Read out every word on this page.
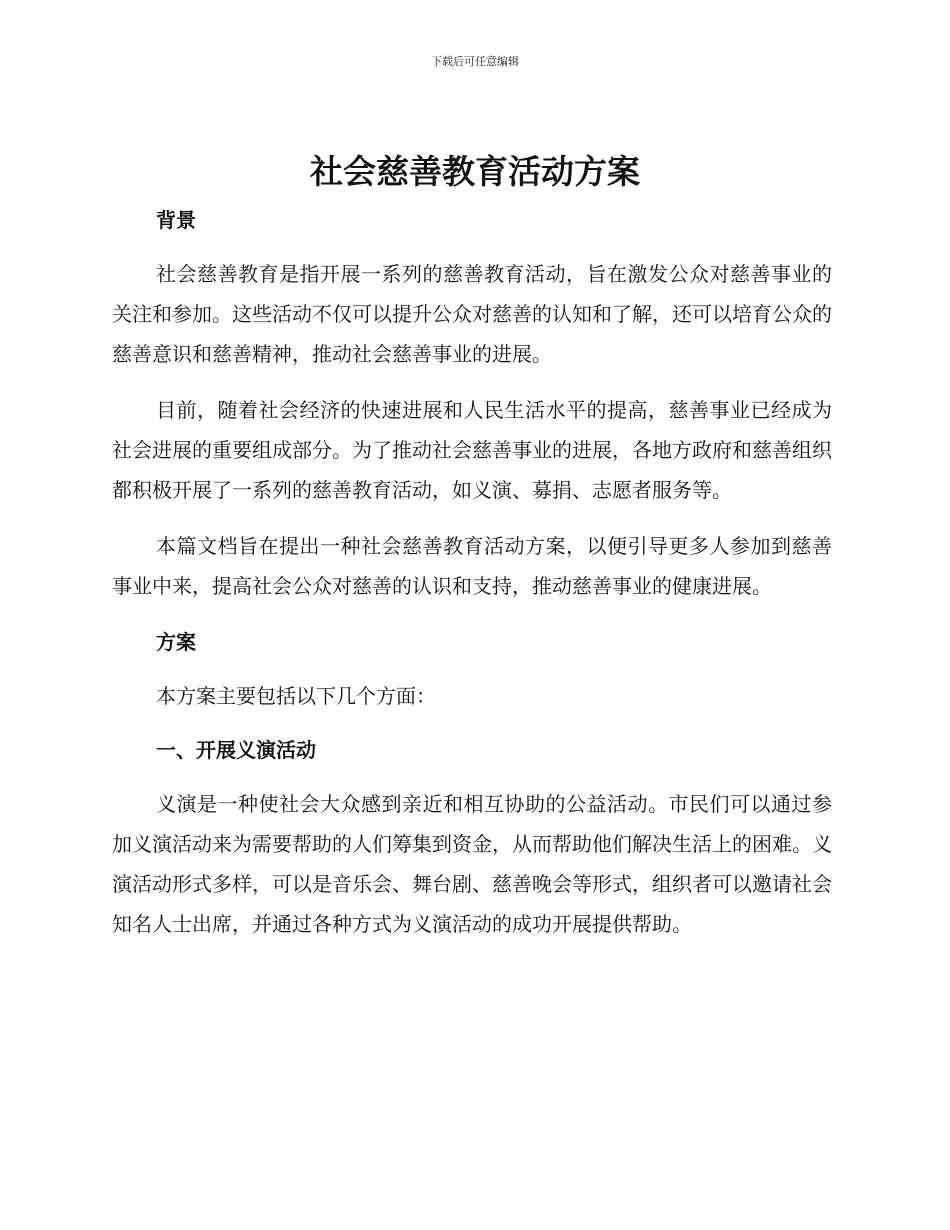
下载后可任意编辑
社会慈善教育活动方案

背景

社会慈善教育是指开展一系列的慈善教育活动，旨在激发公众对慈善事业的关注和参加。这些活动不仅可以提升公众对慈善的认知和了解，还可以培育公众的慈善意识和慈善精神，推动社会慈善事业的进展。

目前，随着社会经济的快速进展和人民生活水平的提高，慈善事业已经成为社会进展的重要组成部分。为了推动社会慈善事业的进展，各地方政府和慈善组织都积极开展了一系列的慈善教育活动，如义演、募捐、志愿者服务等。

本篇文档旨在提出一种社会慈善教育活动方案，以便引导更多人参加到慈善事业中来，提高社会公众对慈善的认识和支持，推动慈善事业的健康进展。

方案

本方案主要包括以下几个方面：

一、开展义演活动

义演是一种使社会大众感到亲近和相互协助的公益活动。市民们可以通过参加义演活动来为需要帮助的人们筹集到资金，从而帮助他们解决生活上的困难。义演活动形式多样，可以是音乐会、舞台剧、慈善晚会等形式，组织者可以邀请社会知名人士出席，并通过各种方式为义演活动的成功开展提供帮助。
